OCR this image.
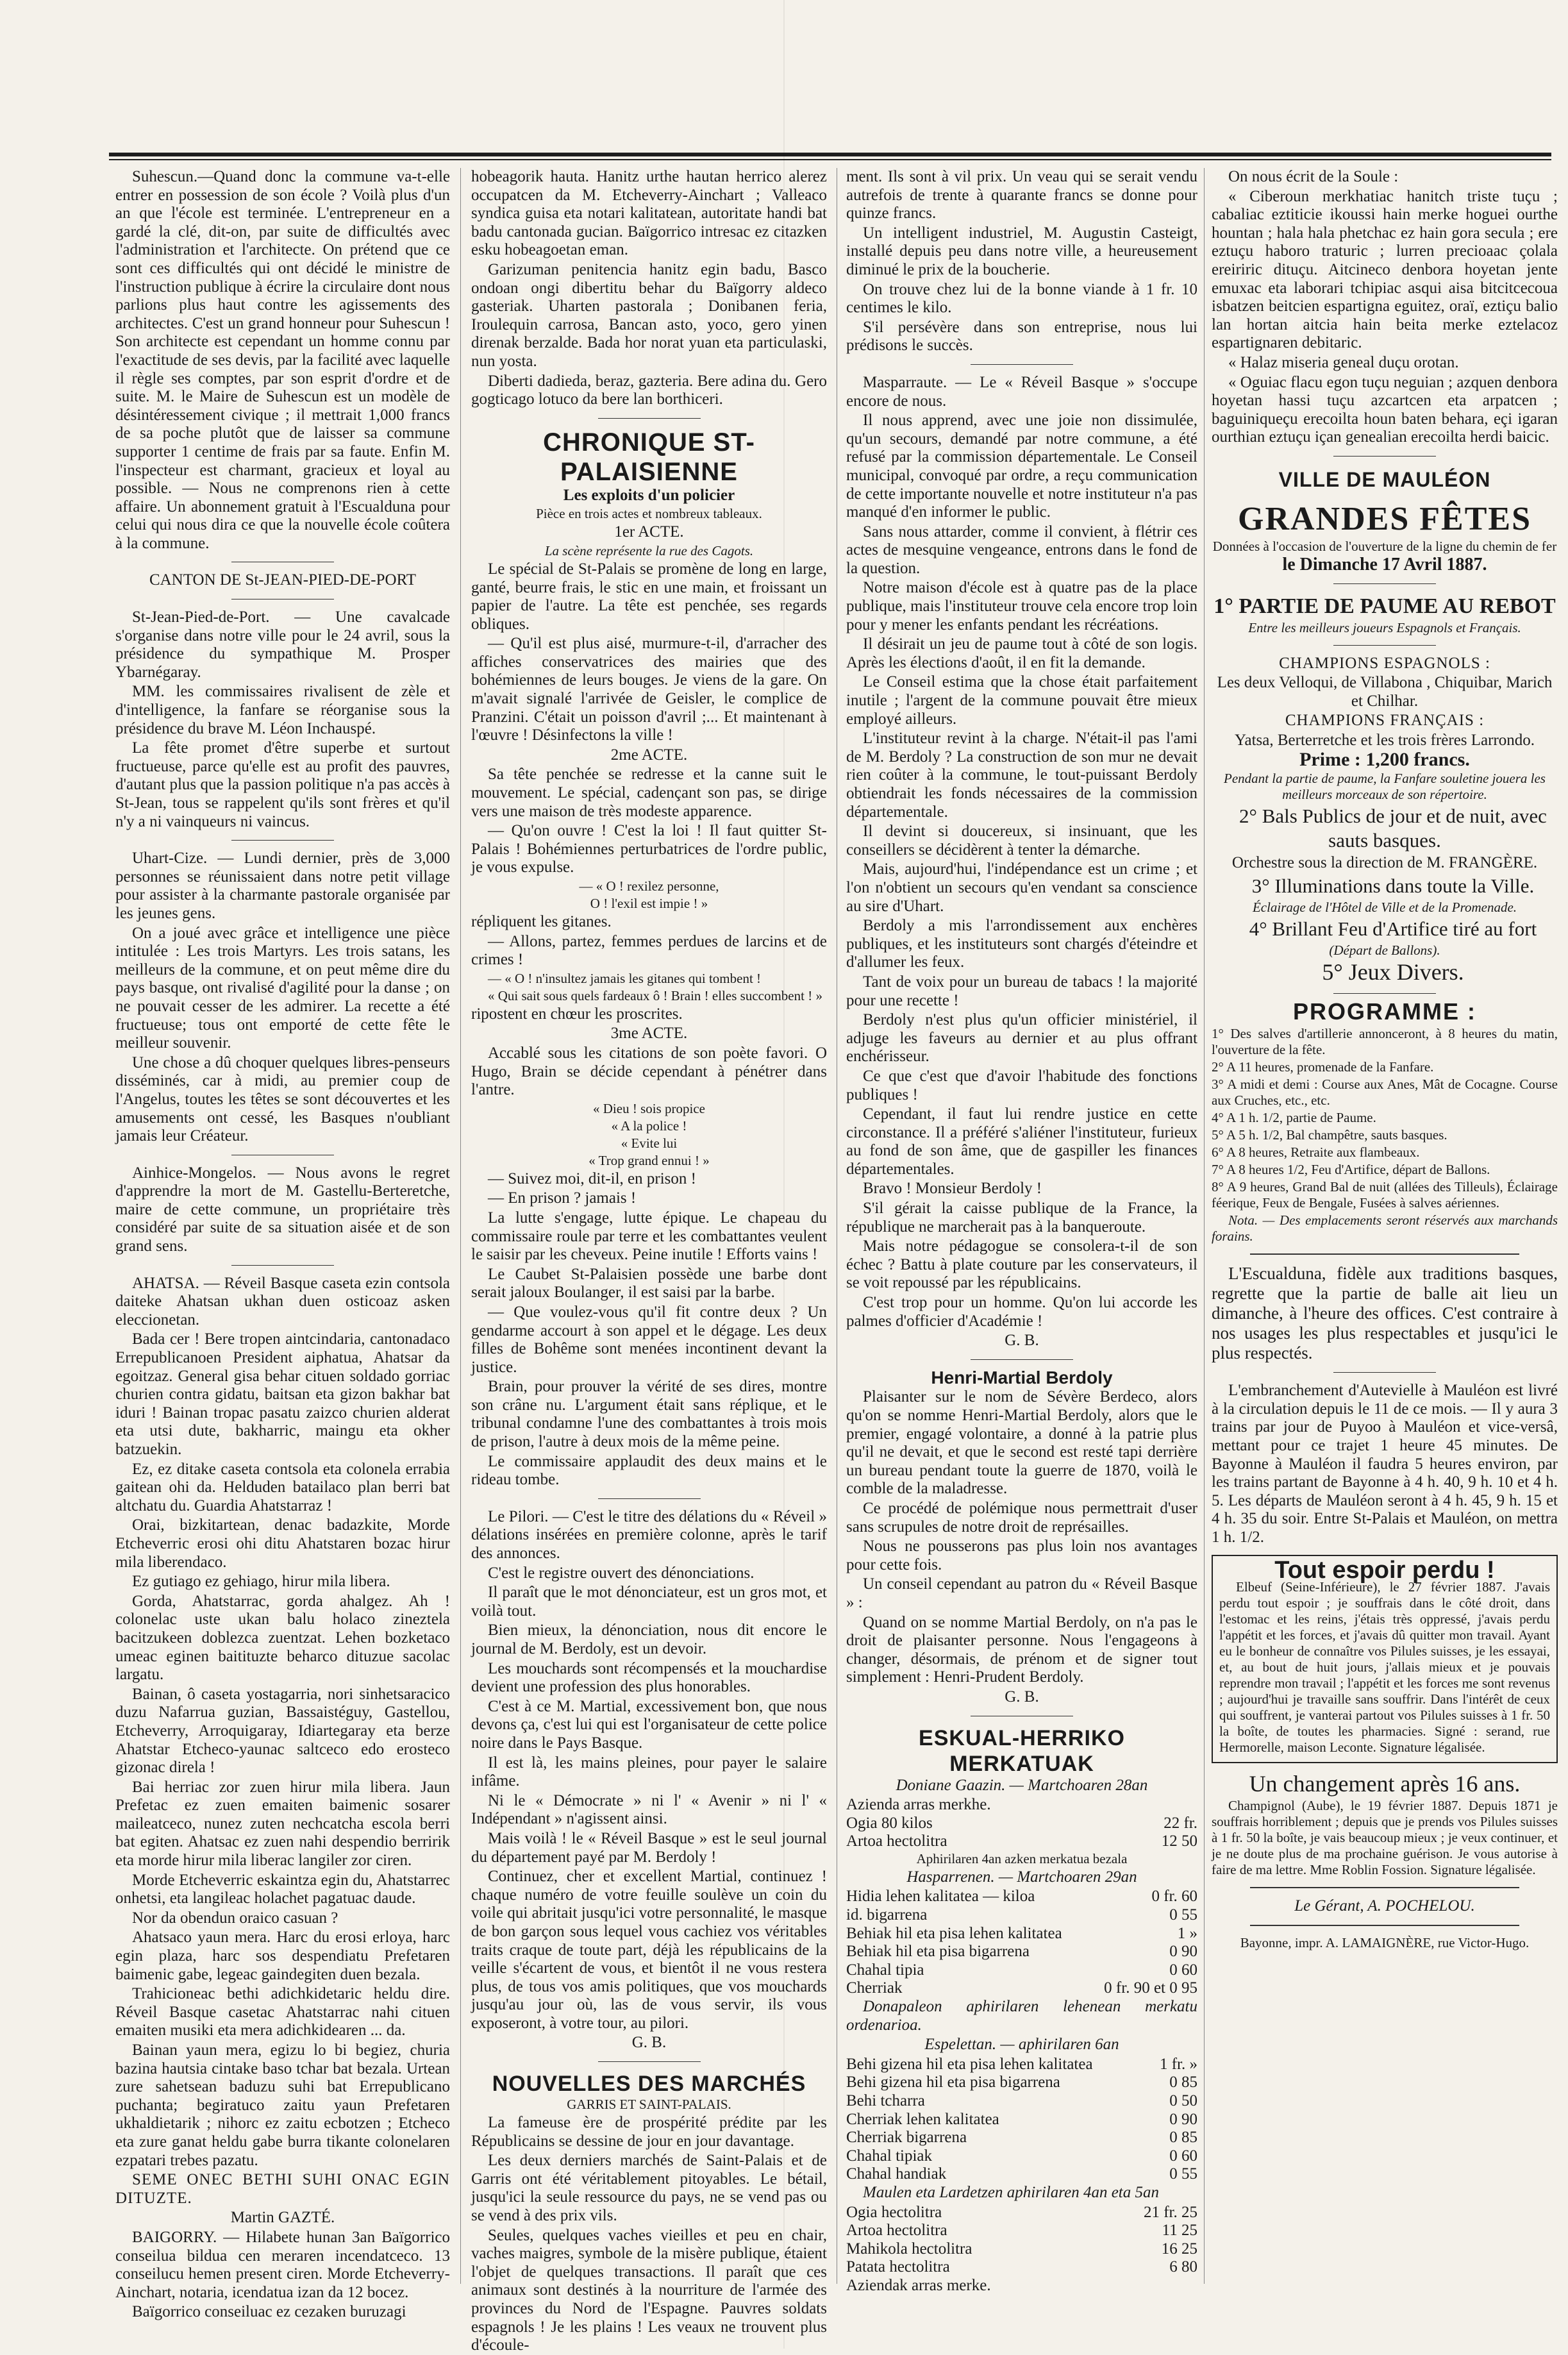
Suhescun.—Quand donc la commune va-t-elle entrer en possession de son école ? Voilà plus d'un an que l'école est terminée. L'entrepreneur en a gardé la clé, dit-on, par suite de difficultés avec l'administration et l'architecte. On prétend que ce sont ces difficultés qui ont décidé le ministre de l'instruction publique à écrire la circulaire dont nous parlions plus haut contre les agissements des architectes. C'est un grand honneur pour Suhescun ! Son architecte est cependant un homme connu par l'exactitude de ses devis, par la facilité avec laquelle il règle ses comptes, par son esprit d'ordre et de suite. M. le Maire de Suhescun est un modèle de désintéressement civique ; il mettrait 1,000 francs de sa poche plutôt que de laisser sa commune supporter 1 centime de frais par sa faute. Enfin M. l'inspecteur est charmant, gracieux et loyal au possible. — Nous ne comprenons rien à cette affaire. Un abonnement gratuit à l'Escualduna pour celui qui nous dira ce que la nouvelle école coûtera à la commune.

CANTON DE St-JEAN-PIED-DE-PORT

St-Jean-Pied-de-Port. — Une cavalcade s'organise dans notre ville pour le 24 avril, sous la présidence du sympathique M. Prosper Ybarnégaray.

MM. les commissaires rivalisent de zèle et d'intelligence, la fanfare se réorganise sous la présidence du brave M. Léon Inchauspé.

La fête promet d'être superbe et surtout fructueuse, parce qu'elle est au profit des pauvres, d'autant plus que la passion politique n'a pas accès à St-Jean, tous se rappelent qu'ils sont frères et qu'il n'y a ni vainqueurs ni vaincus.

Uhart-Cize. — Lundi dernier, près de 3,000 personnes se réunissaient dans notre petit village pour assister à la charmante pastorale organisée par les jeunes gens.

On a joué avec grâce et intelligence une pièce intitulée : Les trois Martyrs. Les trois satans, les meilleurs de la commune, et on peut même dire du pays basque, ont rivalisé d'agilité pour la danse ; on ne pouvait cesser de les admirer. La recette a été fructueuse; tous ont emporté de cette fête le meilleur souvenir.

Une chose a dû choquer quelques libres-penseurs disséminés, car à midi, au premier coup de l'Angelus, toutes les têtes se sont découvertes et les amusements ont cessé, les Basques n'oubliant jamais leur Créateur.

Ainhice-Mongelos. — Nous avons le regret d'apprendre la mort de M. Gastellu-Berteretche, maire de cette commune, un propriétaire très considéré par suite de sa situation aisée et de son grand sens.

AHATSA. — Réveil Basque caseta ezin contsola daiteke Ahatsan ukhan duen osticoaz asken eleccionetan.

Bada cer ! Bere tropen aintcindaria, cantonadaco Errepublicanoen President aiphatua, Ahatsar da egoitzaz. General gisa behar cituen soldado gorriac churien contra gidatu, baitsan eta gizon bakhar bat iduri ! Bainan tropac pasatu zaizco churien alderat eta utsi dute, bakharric, maingu eta okher batzuekin.

Ez, ez ditake caseta contsola eta colonela errabia gaitean ohi da. Helduden batailaco plan berri bat altchatu du. Guardia Ahatstarraz !

Orai, bizkitartean, denac badazkite, Morde Etcheverric erosi ohi ditu Ahatstaren bozac hirur mila liberendaco.

Ez gutiago ez gehiago, hirur mila libera.

Gorda, Ahatstarrac, gorda ahalgez. Ah ! colonelac uste ukan balu holaco zineztela bacitzukeen doblezca zuentzat. Lehen bozketaco umeac eginen baitituzte beharco dituzue sacolac largatu.

Bainan, ô caseta yostagarria, nori sinhetsaracico duzu Nafarrua guzian, Bassaistéguy, Gastellou, Etcheverry, Arroquigaray, Idiartegaray eta berze Ahatstar Etcheco-yaunac saltceco edo erosteco gizonac direla !

Bai herriac zor zuen hirur mila libera. Jaun Prefetac ez zuen emaiten baimenic sosarer maileatceco, nunez zuten nechcatcha escola berri bat egiten. Ahatsac ez zuen nahi despendio berririk eta morde hirur mila liberac langiler zor ciren.

Morde Etcheverric eskaintza egin du, Ahatstarrec onhetsi, eta langileac holachet pagatuac daude.

Nor da obendun oraico casuan ?

Ahatsaco yaun mera. Harc du erosi erloya, harc egin plaza, harc sos despendiatu Prefetaren baimenic gabe, legeac gaindegiten duen bezala.

Trahicioneac bethi adichkidetaric heldu dire. Réveil Basque casetac Ahatstarrac nahi cituen emaiten musiki eta mera adichkidearen ... da.

Bainan yaun mera, egizu lo bi begiez, churia bazina hautsia cintake baso tchar bat bezala. Urtean zure sahetsean baduzu suhi bat Errepublicano puchanta; begiratuco zaitu yaun Prefetaren ukhaldietarik ; nihorc ez zaitu ecbotzen ; Etcheco eta zure ganat heldu gabe burra tikante colonelaren ezpatari trebes pazatu.

SEME ONEC BETHI SUHI ONAC EGIN DITUZTE.

Martin GAZTÉ.

BAIGORRY. — Hilabete hunan 3an Baïgorrico conseilua bildua cen meraren incendatceco. 13 conseilucu hemen present ciren. Morde Etcheverry-Ainchart, notaria, icendatua izan da 12 bocez.

Baïgorrico conseiluac ez cezaken buruzagi

hobeagorik hauta. Hanitz urthe hautan herrico alerez occupatcen da M. Etcheverry-Ainchart ; Valleaco syndica guisa eta notari kalitatean, autoritate handi bat badu cantonada gucian. Baïgorrico intresac ez citazken esku hobeagoetan eman.

Garizuman penitencia hanitz egin badu, Basco ondoan ongi dibertitu behar du Baïgorry aldeco gasteriak. Uharten pastorala ; Donibanen feria, Iroulequin carrosa, Bancan asto, yoco, gero yinen direnak berzalde. Bada hor norat yuan eta particulaski, nun yosta.

Diberti dadieda, beraz, gazteria. Bere adina du. Gero gogticago lotuco da bere lan borthiceri.

CHRONIQUE ST-PALAISIENNE

Les exploits d'un policier

Pièce en trois actes et nombreux tableaux.

1er ACTE.

La scène représente la rue des Cagots.

Le spécial de St-Palais se promène de long en large, ganté, beurre frais, le stic en une main, et froissant un papier de l'autre. La tête est penchée, ses regards obliques.

— Qu'il est plus aisé, murmure-t-il, d'arracher des affiches conservatrices des mairies que des bohémiennes de leurs bouges. Je viens de la gare. On m'avait signalé l'arrivée de Geisler, le complice de Pranzini. C'était un poisson d'avril ;... Et maintenant à l'œuvre ! Désinfectons la ville !

2me ACTE.

Sa tête penchée se redresse et la canne suit le mouvement. Le spécial, cadençant son pas, se dirige vers une maison de très modeste apparence.

— Qu'on ouvre ! C'est la loi ! Il faut quitter St-Palais ! Bohémiennes perturbatrices de l'ordre public, je vous expulse.

— « O ! rexilez personne,

O ! l'exil est impie ! »

répliquent les gitanes.

— Allons, partez, femmes perdues de larcins et de crimes !

— « O ! n'insultez jamais les gitanes qui tombent !

« Qui sait sous quels fardeaux ô ! Brain ! elles succombent ! »

ripostent en chœur les proscrites.

3me ACTE.

Accablé sous les citations de son poète favori. O Hugo, Brain se décide cependant à pénétrer dans l'antre.

« Dieu ! sois propice

« A la police !

« Evite lui

« Trop grand ennui ! »

— Suivez moi, dit-il, en prison !

— En prison ? jamais !

La lutte s'engage, lutte épique. Le chapeau du commissaire roule par terre et les combattantes veulent le saisir par les cheveux. Peine inutile ! Efforts vains !

Le Caubet St-Palaisien possède une barbe dont serait jaloux Boulanger, il est saisi par la barbe.

— Que voulez-vous qu'il fit contre deux ? Un gendarme accourt à son appel et le dégage. Les deux filles de Bohême sont menées incontinent devant la justice.

Brain, pour prouver la vérité de ses dires, montre son crâne nu. L'argument était sans réplique, et le tribunal condamne l'une des combattantes à trois mois de prison, l'autre à deux mois de la même peine.

Le commissaire applaudit des deux mains et le rideau tombe.

Le Pilori. — C'est le titre des délations du « Réveil » délations insérées en première colonne, après le tarif des annonces.

C'est le registre ouvert des dénonciations.

Il paraît que le mot dénonciateur, est un gros mot, et voilà tout.

Bien mieux, la dénonciation, nous dit encore le journal de M. Berdoly, est un devoir.

Les mouchards sont récompensés et la mouchardise devient une profession des plus honorables.

C'est à ce M. Martial, excessivement bon, que nous devons ça, c'est lui qui est l'organisateur de cette police noire dans le Pays Basque.

Il est là, les mains pleines, pour payer le salaire infâme.

Ni le « Démocrate » ni l' « Avenir » ni l' « Indépendant » n'agissent ainsi.

Mais voilà ! le « Réveil Basque » est le seul journal du département payé par M. Berdoly !

Continuez, cher et excellent Martial, continuez ! chaque numéro de votre feuille soulève un coin du voile qui abritait jusqu'ici votre personnalité, le masque de bon garçon sous lequel vous cachiez vos véritables traits craque de toute part, déjà les républicains de la veille s'écartent de vous, et bientôt il ne vous restera plus, de tous vos amis politiques, que vos mouchards jusqu'au jour où, las de vous servir, ils vous exposeront, à votre tour, au pilori.

G. B.

NOUVELLES DES MARCHÉS

GARRIS ET SAINT-PALAIS.

La fameuse ère de prospérité prédite par les Républicains se dessine de jour en jour davantage.

Les deux derniers marchés de Saint-Palais et de Garris ont été véritablement pitoyables. Le bétail, jusqu'ici la seule ressource du pays, ne se vend pas ou se vend à des prix vils.

Seules, quelques vaches vieilles et peu en chair, vaches maigres, symbole de la misère publique, étaient l'objet de quelques transactions. Il paraît que ces animaux sont destinés à la nourriture de l'armée des provinces du Nord de l'Espagne. Pauvres soldats espagnols ! Je les plains ! Les veaux ne trouvent plus d'écoule-

ment. Ils sont à vil prix. Un veau qui se serait vendu autrefois de trente à quarante francs se donne pour quinze francs.

Un intelligent industriel, M. Augustin Casteigt, installé depuis peu dans notre ville, a heureusement diminué le prix de la boucherie.

On trouve chez lui de la bonne viande à 1 fr. 10 centimes le kilo.

S'il persévère dans son entreprise, nous lui prédisons le succès.

Masparraute. — Le « Réveil Basque » s'occupe encore de nous.

Il nous apprend, avec une joie non dissimulée, qu'un secours, demandé par notre commune, a été refusé par la commission départementale. Le Conseil municipal, convoqué par ordre, a reçu communication de cette importante nouvelle et notre instituteur n'a pas manqué d'en informer le public.

Sans nous attarder, comme il convient, à flétrir ces actes de mesquine vengeance, entrons dans le fond de la question.

Notre maison d'école est à quatre pas de la place publique, mais l'instituteur trouve cela encore trop loin pour y mener les enfants pendant les récréations.

Il désirait un jeu de paume tout à côté de son logis. Après les élections d'août, il en fit la demande.

Le Conseil estima que la chose était parfaitement inutile ; l'argent de la commune pouvait être mieux employé ailleurs.

L'instituteur revint à la charge. N'était-il pas l'ami de M. Berdoly ? La construction de son mur ne devait rien coûter à la commune, le tout-puissant Berdoly obtiendrait les fonds nécessaires de la commission départementale.

Il devint si doucereux, si insinuant, que les conseillers se décidèrent à tenter la démarche.

Mais, aujourd'hui, l'indépendance est un crime ; et l'on n'obtient un secours qu'en vendant sa conscience au sire d'Uhart.

Berdoly a mis l'arrondissement aux enchères publiques, et les instituteurs sont chargés d'éteindre et d'allumer les feux.

Tant de voix pour un bureau de tabacs ! la majorité pour une recette !

Berdoly n'est plus qu'un officier ministériel, il adjuge les faveurs au dernier et au plus offrant enchérisseur.

Ce que c'est que d'avoir l'habitude des fonctions publiques !

Cependant, il faut lui rendre justice en cette circonstance. Il a préféré s'aliéner l'instituteur, furieux au fond de son âme, que de gaspiller les finances départementales.

Bravo ! Monsieur Berdoly !

S'il gérait la caisse publique de la France, la république ne marcherait pas à la banqueroute.

Mais notre pédagogue se consolera-t-il de son échec ? Battu à plate couture par les conservateurs, il se voit repoussé par les républicains.

C'est trop pour un homme. Qu'on lui accorde les palmes d'officier d'Académie !

G. B.

Henri-Martial Berdoly

Plaisanter sur le nom de Sévère Berdeco, alors qu'on se nomme Henri-Martial Berdoly, alors que le premier, engagé volontaire, a donné à la patrie plus qu'il ne devait, et que le second est resté tapi derrière un bureau pendant toute la guerre de 1870, voilà le comble de la maladresse.

Ce procédé de polémique nous permettrait d'user sans scrupules de notre droit de représailles.

Nous ne pousserons pas plus loin nos avantages pour cette fois.

Un conseil cependant au patron du « Réveil Basque » :

Quand on se nomme Martial Berdoly, on n'a pas le droit de plaisanter personne. Nous l'engageons à changer, désormais, de prénom et de signer tout simplement : Henri-Prudent Berdoly.

G. B.

ESKUAL-HERRIKO MERKATUAK

Doniane Gaazin. — Martchoaren 28an

Azienda arras merkhe.
Ogia 80 kilos	22 fr.
Artoa hectolitra	12 50

Aphirilaren 4an azken merkatua bezala

Hasparrenen. — Martchoaren 29an

Hidia lehen kalitatea — kiloa	0 fr. 60
id. bigarrena	0 55
Behiak hil eta pisa lehen kalitatea	1 »
Behiak hil eta pisa bigarrena	0 90
Chahal tipia	0 60
Cherriak	0 fr. 90 et 0 95

Donapaleon aphirilaren lehenean merkatu ordenarioa.

Espelettan. — aphirilaren 6an

Behi gizena hil eta pisa lehen kalitatea	1 fr. »
Behi gizena hil eta pisa bigarrena	0 85
Behi tcharra	0 50
Cherriak lehen kalitatea	0 90
Cherriak bigarrena	0 85
Chahal tipiak	0 60
Chahal handiak	0 55

Maulen eta Lardetzen aphirilaren 4an eta 5an

Ogia hectolitra	21 fr. 25
Artoa hectolitra	11 25
Mahikola hectolitra	16 25
Patata hectolitra	6 80
Aziendak arras merke.

On nous écrit de la Soule :

« Ciberoun merkhatiac hanitch triste tuçu ; cabaliac eztiticie ikoussi hain merke hoguei ourthe hountan ; hala hala phetchac ez hain gora secula ; ere eztuçu haboro traturic ; lurren precioaac çolala ereiriric dituçu. Aitcineco denbora hoyetan jente emuxac eta laborari tchipiac asqui aisa bitcitcecoua isbatzen beitcien espartigna eguitez, oraï, eztiçu balio lan hortan aitcia hain beita merke eztelacoz espartignaren debitaric.

« Halaz miseria geneal duçu orotan.

« Oguiac flacu egon tuçu neguian ; azquen denbora hoyetan hassi tuçu azcartcen eta arpatcen ; baguiniqueçu erecoilta houn baten behara, eçi igaran ourthian eztuçu içan genealian erecoilta herdi baicic.

VILLE DE MAULÉON
GRANDES FÊTES

Données à l'occasion de l'ouverture de la ligne du chemin de fer

le Dimanche 17 Avril 1887.

1° PARTIE DE PAUME AU REBOT

Entre les meilleurs joueurs Espagnols et Français.

CHAMPIONS ESPAGNOLS :

Les deux Velloqui, de Villabona , Chiquibar, Marich et Chilhar.

CHAMPIONS FRANÇAIS :

Yatsa, Berterretche et les trois frères Larrondo.

Prime : 1,200 francs.

Pendant la partie de paume, la Fanfare souletine jouera les meilleurs morceaux de son répertoire.

2° Bals Publics de jour et de nuit, avec sauts basques.

Orchestre sous la direction de M. FRANGÈRE.

3° Illuminations dans toute la Ville.

Éclairage de l'Hôtel de Ville et de la Promenade.

4° Brillant Feu d'Artifice tiré au fort

(Départ de Ballons).

5° Jeux Divers.

PROGRAMME :

1° Des salves d'artillerie annonceront, à 8 heures du matin, l'ouverture de la fête.

2° A 11 heures, promenade de la Fanfare.

3° A midi et demi : Course aux Anes, Mât de Cocagne. Course aux Cruches, etc., etc.

4° A 1 h. 1/2, partie de Paume.

5° A 5 h. 1/2, Bal champêtre, sauts basques.

6° A 8 heures, Retraite aux flambeaux.

7° A 8 heures 1/2, Feu d'Artifice, départ de Ballons.

8° A 9 heures, Grand Bal de nuit (allées des Tilleuls), Éclairage féerique, Feux de Bengale, Fusées à salves aériennes.

Nota. — Des emplacements seront réservés aux marchands forains.

L'Escualduna, fidèle aux traditions basques, regrette que la partie de balle ait lieu un dimanche, à l'heure des offices. C'est contraire à nos usages les plus respectables et jusqu'ici le plus respectés.

L'embranchement d'Autevielle à Mauléon est livré à la circulation depuis le 11 de ce mois. — Il y aura 3 trains par jour de Puyoo à Mauléon et vice-versâ, mettant pour ce trajet 1 heure 45 minutes. De Bayonne à Mauléon il faudra 5 heures environ, par les trains partant de Bayonne à 4 h. 40, 9 h. 10 et 4 h. 5. Les départs de Mauléon seront à 4 h. 45, 9 h. 15 et 4 h. 35 du soir. Entre St-Palais et Mauléon, on mettra 1 h. 1/2.

Tout espoir perdu !

Elbeuf (Seine-Inférieure), le 27 février 1887. J'avais perdu tout espoir ; je souffrais dans le côté droit, dans l'estomac et les reins, j'étais très oppressé, j'avais perdu l'appétit et les forces, et j'avais dû quitter mon travail. Ayant eu le bonheur de connaître vos Pilules suisses, je les essayai, et, au bout de huit jours, j'allais mieux et je pouvais reprendre mon travail ; l'appétit et les forces me sont revenus ; aujourd'hui je travaille sans souffrir. Dans l'intérêt de ceux qui souffrent, je vanterai partout vos Pilules suisses à 1 fr. 50 la boîte, de toutes les pharmacies. Signé : serand, rue Hermorelle, maison Leconte. Signature légalisée.

Un changement après 16 ans.

Champignol (Aube), le 19 février 1887. Depuis 1871 je souffrais horriblement ; depuis que je prends vos Pilules suisses à 1 fr. 50 la boîte, je vais beaucoup mieux ; je veux continuer, et je ne doute plus de ma prochaine guérison. Je vous autorise à faire de ma lettre. Mme Roblin Fossion. Signature légalisée.

Le Gérant, A. POCHELOU.

Bayonne, impr. A. LAMAIGNÈRE, rue Victor-Hugo.
